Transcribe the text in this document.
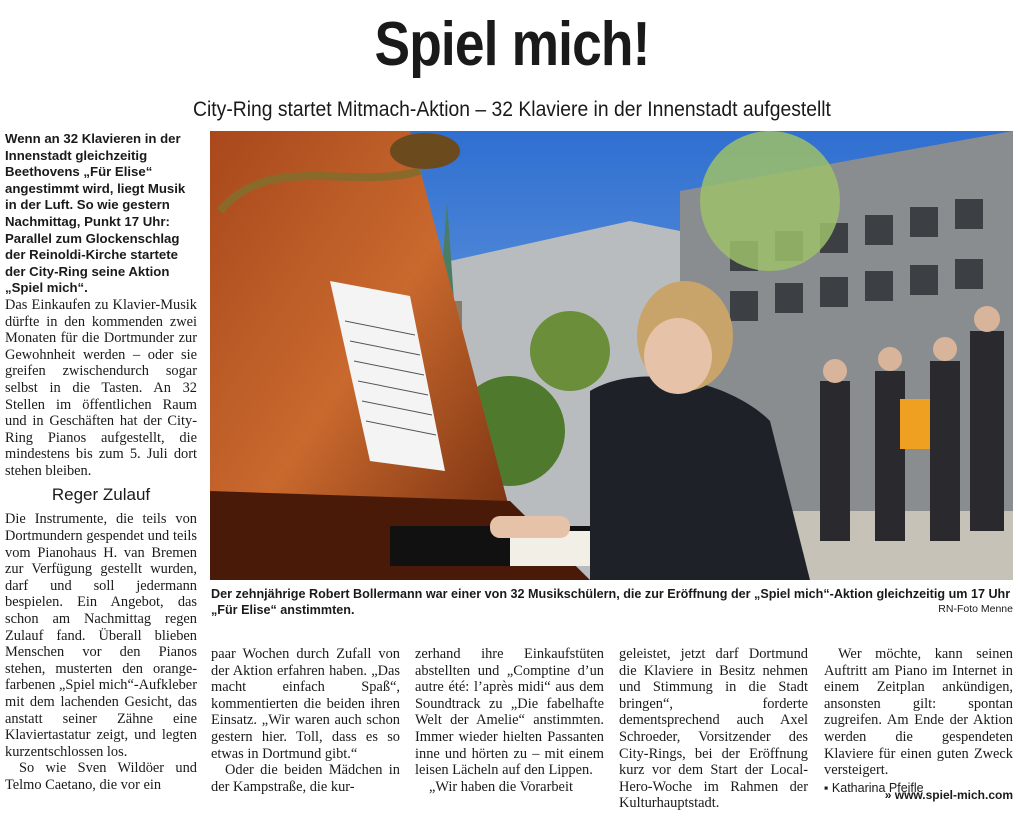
Spiel mich!
City-Ring startet Mitmach-Aktion – 32 Klaviere in der Innenstadt aufgestellt

Wenn an 32 Klavieren in der Innenstadt gleichzeitig Beethovens „Für Elise“ angestimmt wird, liegt Musik in der Luft. So wie gestern Nachmittag, Punkt 17 Uhr: Parallel zum Glockenschlag der Reinoldi-Kirche startete der City-Ring seine Aktion „Spiel mich“.

Das Einkaufen zu Klavier-Musik dürfte in den kommenden zwei Monaten für die Dortmunder zur Gewohnheit werden – oder sie greifen zwischendurch sogar selbst in die Tasten. An 32 Stellen im öffentlichen Raum und in Geschäften hat der City-Ring Pianos aufgestellt, die mindestens bis zum 5. Juli dort stehen bleiben.

Reger Zulauf

Die Instrumente, die teils von Dortmundern gespendet und teils vom Pianohaus H. van Bremen zur Verfügung gestellt wurden, darf und soll jedermann bespielen. Ein Angebot, das schon am Nachmittag regen Zulauf fand. Überall blieben Menschen vor den Pianos stehen, musterten den orange-farbenen „Spiel mich“-Aufkleber mit dem lachenden Gesicht, das anstatt seiner Zähne eine Klaviertastatur zeigt, und legten kurzentschlossen los.

So wie Sven Wildöer und Telmo Caetano, die vor ein

Der zehnjährige Robert Bollermann war einer von 32 Musikschülern, die zur Eröffnung der „Spiel mich“-Aktion gleichzeitig um 17 Uhr „Für Elise“ anstimmten.	RN-Foto Menne

paar Wochen durch Zufall von der Aktion erfahren haben. „Das macht einfach Spaß“, kommentierten die beiden ihren Einsatz. „Wir waren auch schon gestern hier. Toll, dass es so etwas in Dortmund gibt.“

Oder die beiden Mädchen in der Kampstraße, die kur-

zerhand ihre Einkaufstüten abstellten und „Comptine d’un autre été: l’après midi“ aus dem Soundtrack zu „Die fabelhafte Welt der Amelie“ anstimmten. Immer wieder hielten Passanten inne und hörten zu – mit einem leisen Lächeln auf den Lippen.

„Wir haben die Vorarbeit

geleistet, jetzt darf Dortmund die Klaviere in Besitz nehmen und Stimmung in die Stadt bringen“, forderte dementsprechend auch Axel Schroeder, Vorsitzender des City-Rings, bei der Eröffnung kurz vor dem Start der Local-Hero-Woche im Rahmen der Kulturhauptstadt.

Wer möchte, kann seinen Auftritt am Piano im Internet in einem Zeitplan ankündigen, ansonsten gilt: spontan zugreifen. Am Ende der Aktion werden die gespendeten Klaviere für einen guten Zweck versteigert.

▪ Katharina Pfeifle
» www.spiel-mich.com
